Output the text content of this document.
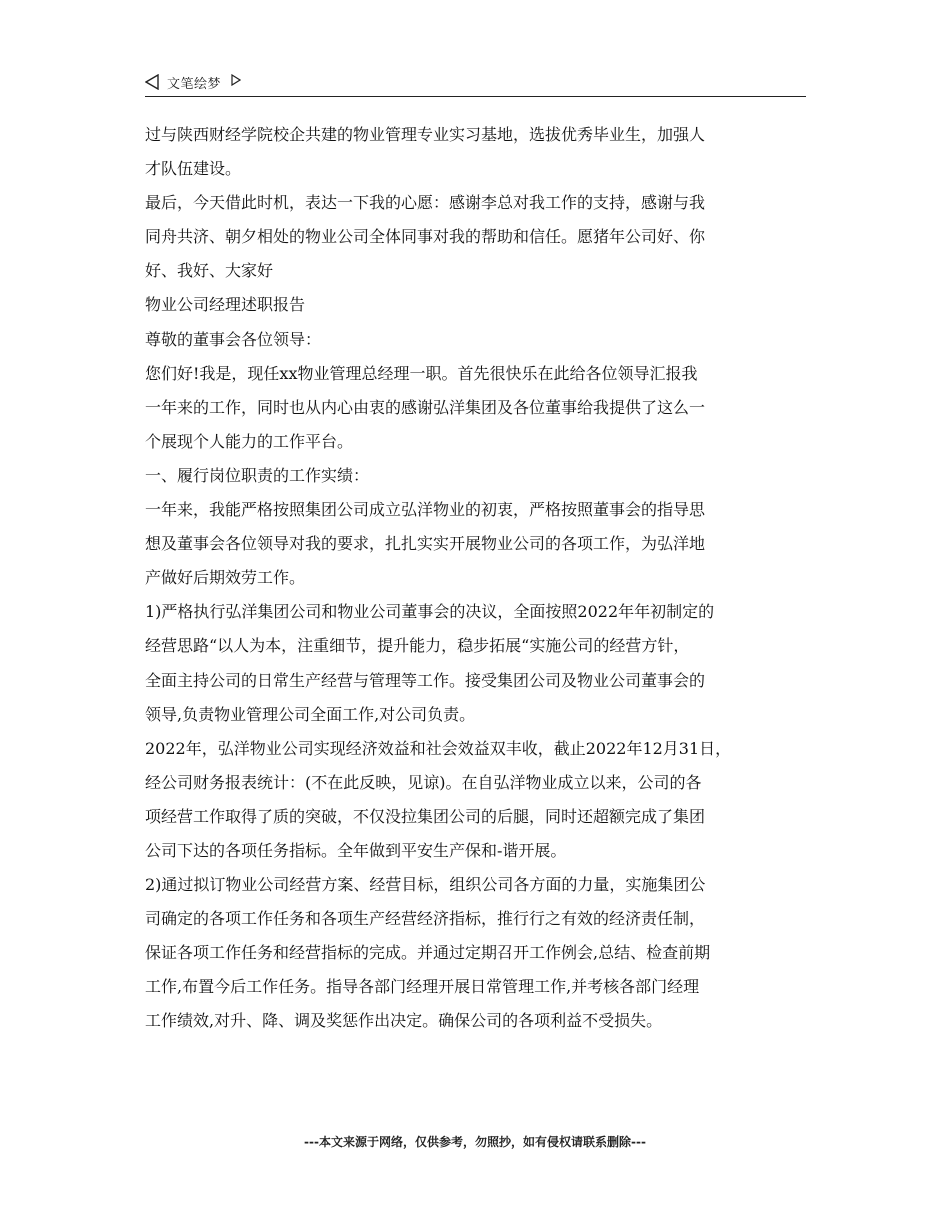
文笔绘梦
过与陕西财经学院校企共建的物业管理专业实习基地，选拔优秀毕业生，加强人
才队伍建设。
最后，今天借此时机，表达一下我的心愿：感谢李总对我工作的支持，感谢与我
同舟共济、朝夕相处的物业公司全体同事对我的帮助和信任。愿猪年公司好、你
好、我好、大家好
物业公司经理述职报告
尊敬的董事会各位领导：
您们好!我是，现任xx物业管理总经理一职。首先很快乐在此给各位领导汇报我
一年来的工作，同时也从内心由衷的感谢弘洋集团及各位董事给我提供了这么一
个展现个人能力的工作平台。
一、履行岗位职责的工作实绩：
一年来，我能严格按照集团公司成立弘洋物业的初衷，严格按照董事会的指导思
想及董事会各位领导对我的要求，扎扎实实开展物业公司的各项工作，为弘洋地
产做好后期效劳工作。
1)严格执行弘洋集团公司和物业公司董事会的决议，全面按照2022年年初制定的
经营思路“以人为本，注重细节，提升能力，稳步拓展“实施公司的经营方针，
全面主持公司的日常生产经营与管理等工作。接受集团公司及物业公司董事会的
领导,负责物业管理公司全面工作,对公司负责。
2022年，弘洋物业公司实现经济效益和社会效益双丰收，截止2022年12月31日，
经公司财务报表统计：(不在此反映，见谅)。在自弘洋物业成立以来，公司的各
项经营工作取得了质的突破，不仅没拉集团公司的后腿，同时还超额完成了集团
公司下达的各项任务指标。全年做到平安生产保和-谐开展。
2)通过拟订物业公司经营方案、经营目标，组织公司各方面的力量，实施集团公
司确定的各项工作任务和各项生产经营经济指标，推行行之有效的经济责任制，
保证各项工作任务和经营指标的完成。并通过定期召开工作例会,总结、检查前期
工作,布置今后工作任务。指导各部门经理开展日常管理工作,并考核各部门经理
工作绩效,对升、降、调及奖惩作出决定。确保公司的各项利益不受损失。
---本文来源于网络，仅供参考，勿照抄，如有侵权请联系删除---
